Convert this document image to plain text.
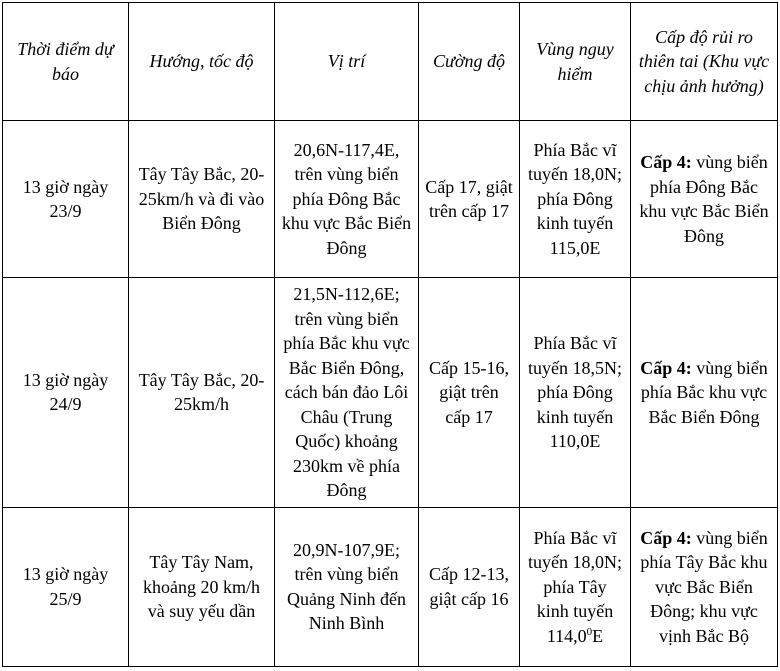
Thời điểm dự báo	Hướng, tốc độ	Vị trí	Cường độ	Vùng nguy hiểm	Cấp độ rủi ro thiên tai (Khu vực chịu ảnh hưởng)
13 giờ ngày 23/9	Tây Tây Bắc, 20-25km/h và đi vào Biển Đông	20,6N-117,4E, trên vùng biển phía Đông Bắc khu vực Bắc Biển Đông	Cấp 17, giật trên cấp 17	Phía Bắc vĩ tuyến 18,0N; phía Đông kinh tuyến 115,0E	Cấp 4: vùng biển phía Đông Bắc khu vực Bắc Biển Đông
13 giờ ngày 24/9	Tây Tây Bắc, 20-25km/h	21,5N-112,6E; trên vùng biển phía Bắc khu vực Bắc Biển Đông, cách bán đảo Lôi Châu (Trung Quốc) khoảng 230km về phía Đông	Cấp 15-16, giật trên cấp 17	Phía Bắc vĩ tuyến 18,5N; phía Đông kinh tuyến 110,0E	Cấp 4: vùng biển phía Bắc khu vực Bắc Biển Đông
13 giờ ngày 25/9	Tây Tây Nam, khoảng 20 km/h và suy yếu dần	20,9N-107,9E; trên vùng biển Quảng Ninh đến Ninh Bình	Cấp 12-13, giật cấp 16	Phía Bắc vĩ tuyến 18,0N; phía Tây kinh tuyến 114,0$^0$E	Cấp 4: vùng biển phía Tây Bắc khu vực Bắc Biển Đông; khu vực vịnh Bắc Bộ
